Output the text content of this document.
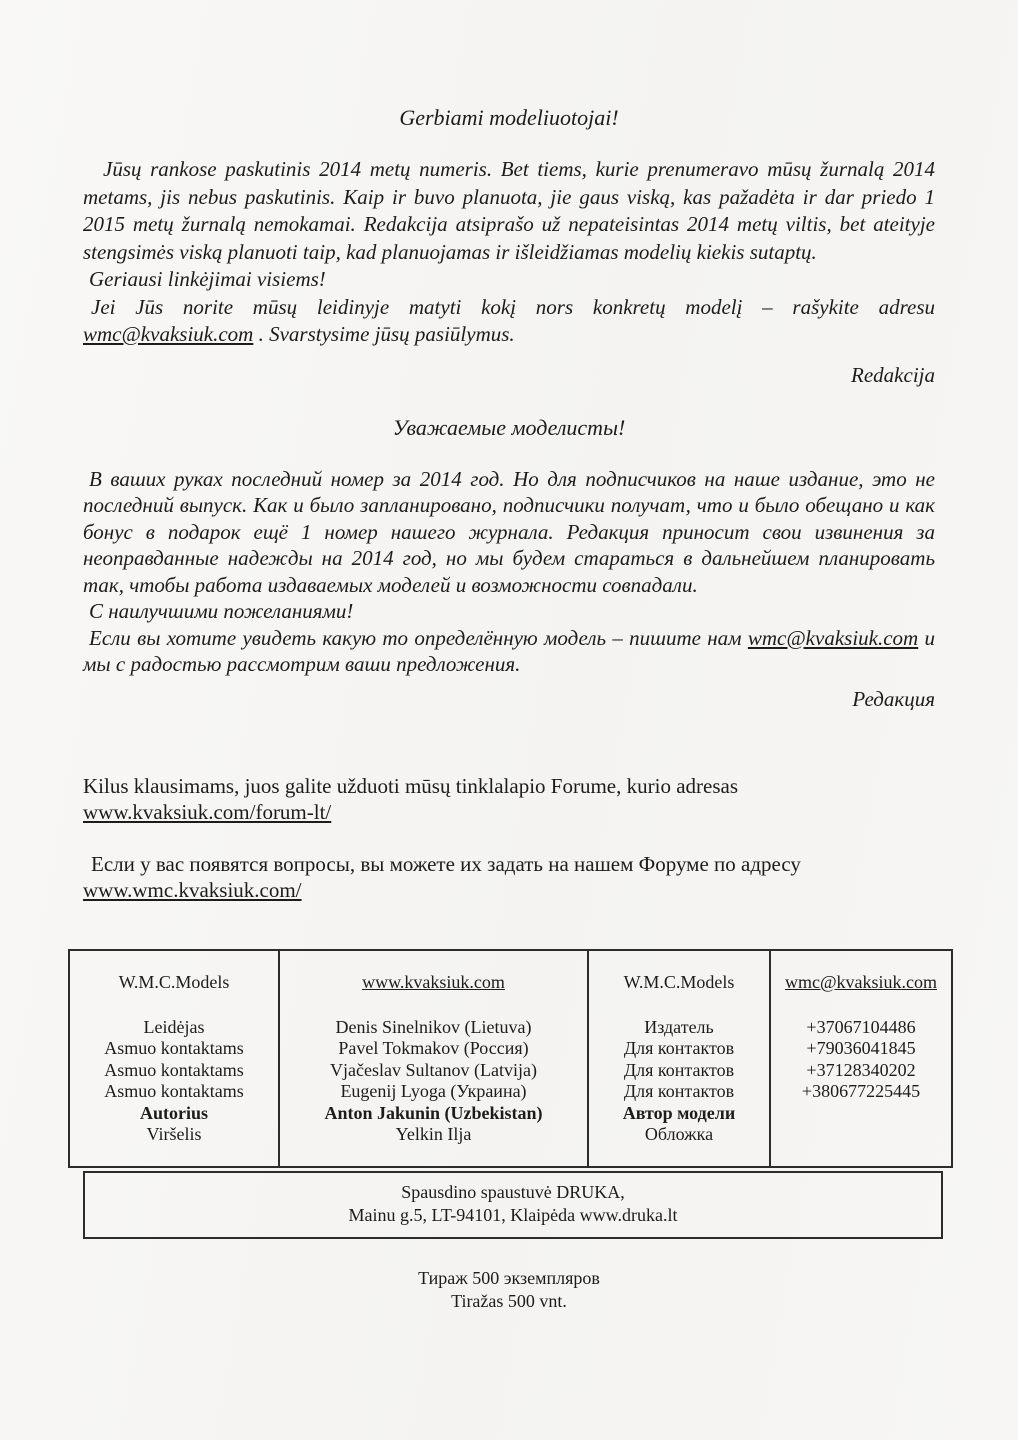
Gerbiami modeliuotojai!

Jūsų rankose paskutinis 2014 metų numeris. Bet tiems, kurie prenumeravo mūsų žurnalą 2014 metams, jis nebus paskutinis. Kaip ir buvo planuota, jie gaus viską, kas pažadėta ir dar priedo 1 2015 metų žurnalą nemokamai. Redakcija atsiprašo už nepateisintas 2014 metų viltis, bet ateityje stengsimės viską planuoti taip, kad planuojamas ir išleidžiamas modelių kiekis sutaptų.

Geriausi linkėjimai visiems!

Jei Jūs norite mūsų leidinyje matyti kokį nors konkretų modelį – rašykite adresu wmc@kvaksiuk.com . Svarstysime jūsų pasiūlymus.

Redakcija

Уважаемые моделисты!

В ваших руках последний номер за 2014 год. Но для подписчиков на наше издание, это не последний выпуск. Как и было запланировано, подписчики получат, что и было обещано и как бонус в подарок ещё 1 номер нашего журнала. Редакция приносит свои извинения за неоправданные надежды на 2014 год, но мы будем стараться в дальнейшем планировать так, чтобы работа издаваемых моделей и возможности совпадали.

С наилучшими пожеланиями!

Если вы хотите увидеть какую то определённую модель – пишите нам wmc@kvaksiuk.com и мы с радостью рассмотрим ваши предложения.

Редакция

Kilus klausimams, juos galite užduoti mūsų tinklalapio Forume, kurio adresas

www.kvaksiuk.com/forum-lt/

Если у вас появятся вопросы, вы можете их задать на нашем Форуме по адресу

www.wmc.kvaksiuk.com/

W.M.C.Models	www.kvaksiuk.com	W.M.C.Models	wmc@kvaksiuk.com
Leidėjas	Denis Sinelnikov (Lietuva)	Издатель	+37067104486
Asmuo kontaktams	Pavel Tokmakov (Россия)	Для контактов	+79036041845
Asmuo kontaktams	Vjačeslav Sultanov (Latvija)	Для контактов	+37128340202
Asmuo kontaktams	Eugenij Lyoga (Украина)	Для контактов	+380677225445
Autorius	Anton Jakunin (Uzbekistan)	Автор модели
Viršelis	Yelkin Ilja	Обложка
Spausdino spaustuvė DRUKA,
Mainu g.5, LT-94101, Klaipėda www.druka.lt
Тираж 500 экземпляров
Tiražas 500 vnt.
